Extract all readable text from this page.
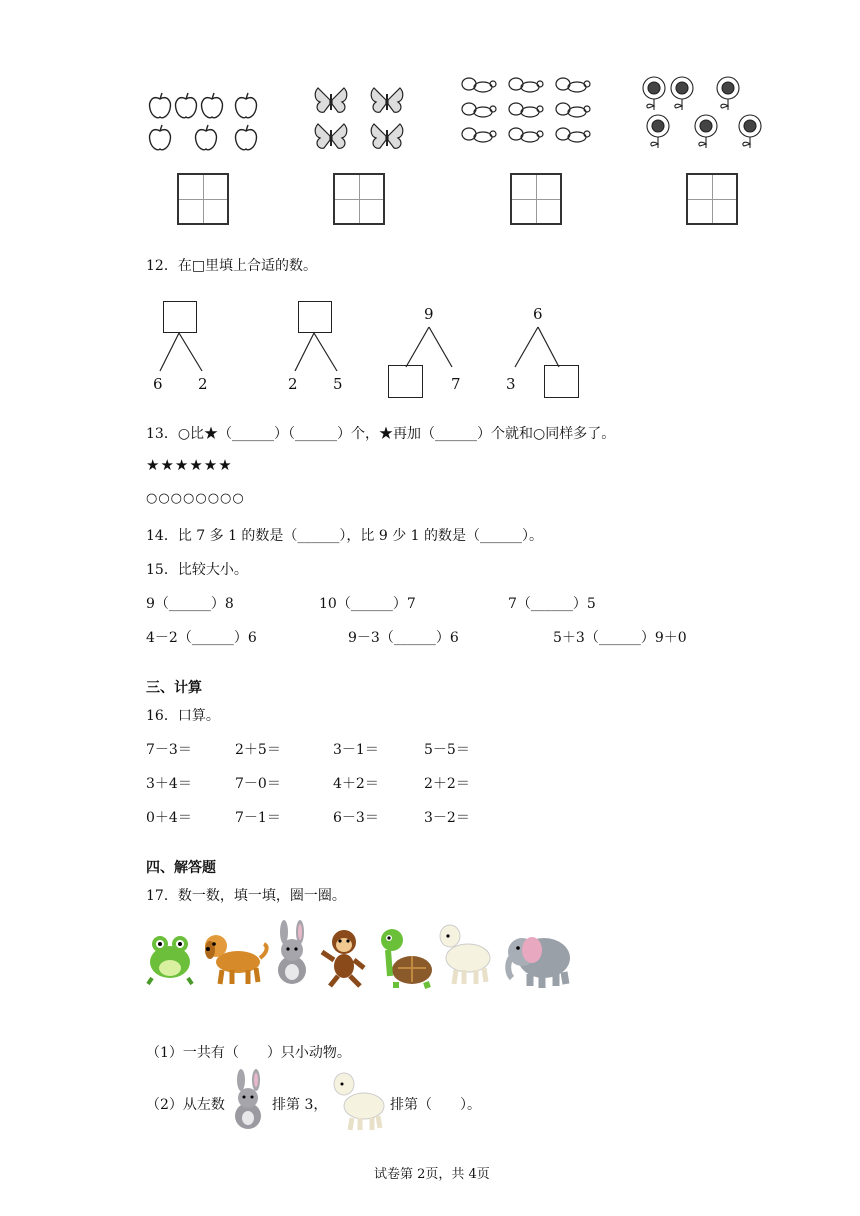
12．在□里填上合适的数。
6 2	2 5
9
7
6
3
13．○比★（______）（______）个，★再加（______）个就和○同样多了。
★★★★★★
○○○○○○○○
14．比 7 多 1 的数是（______），比 9 少 1 的数是（______）。
15．比较大小。
9（______）8	10（______）7	7（______）5
4－2（______）6	9－3（______）6	5＋3（______）9＋0
三、计算
16．口算。
7－3＝	2＋5＝	3－1＝	5－5＝
3＋4＝	7－0＝	4＋2＝	2＋2＝
0＋4＝	7－1＝	6－3＝	3－2＝
四、解答题
17．数一数，填一填，圈一圈。
（1）一共有（　　）只小动物。
（2）从左数	排第 3，	排第（　　）。
试卷第 2页，共 4页
